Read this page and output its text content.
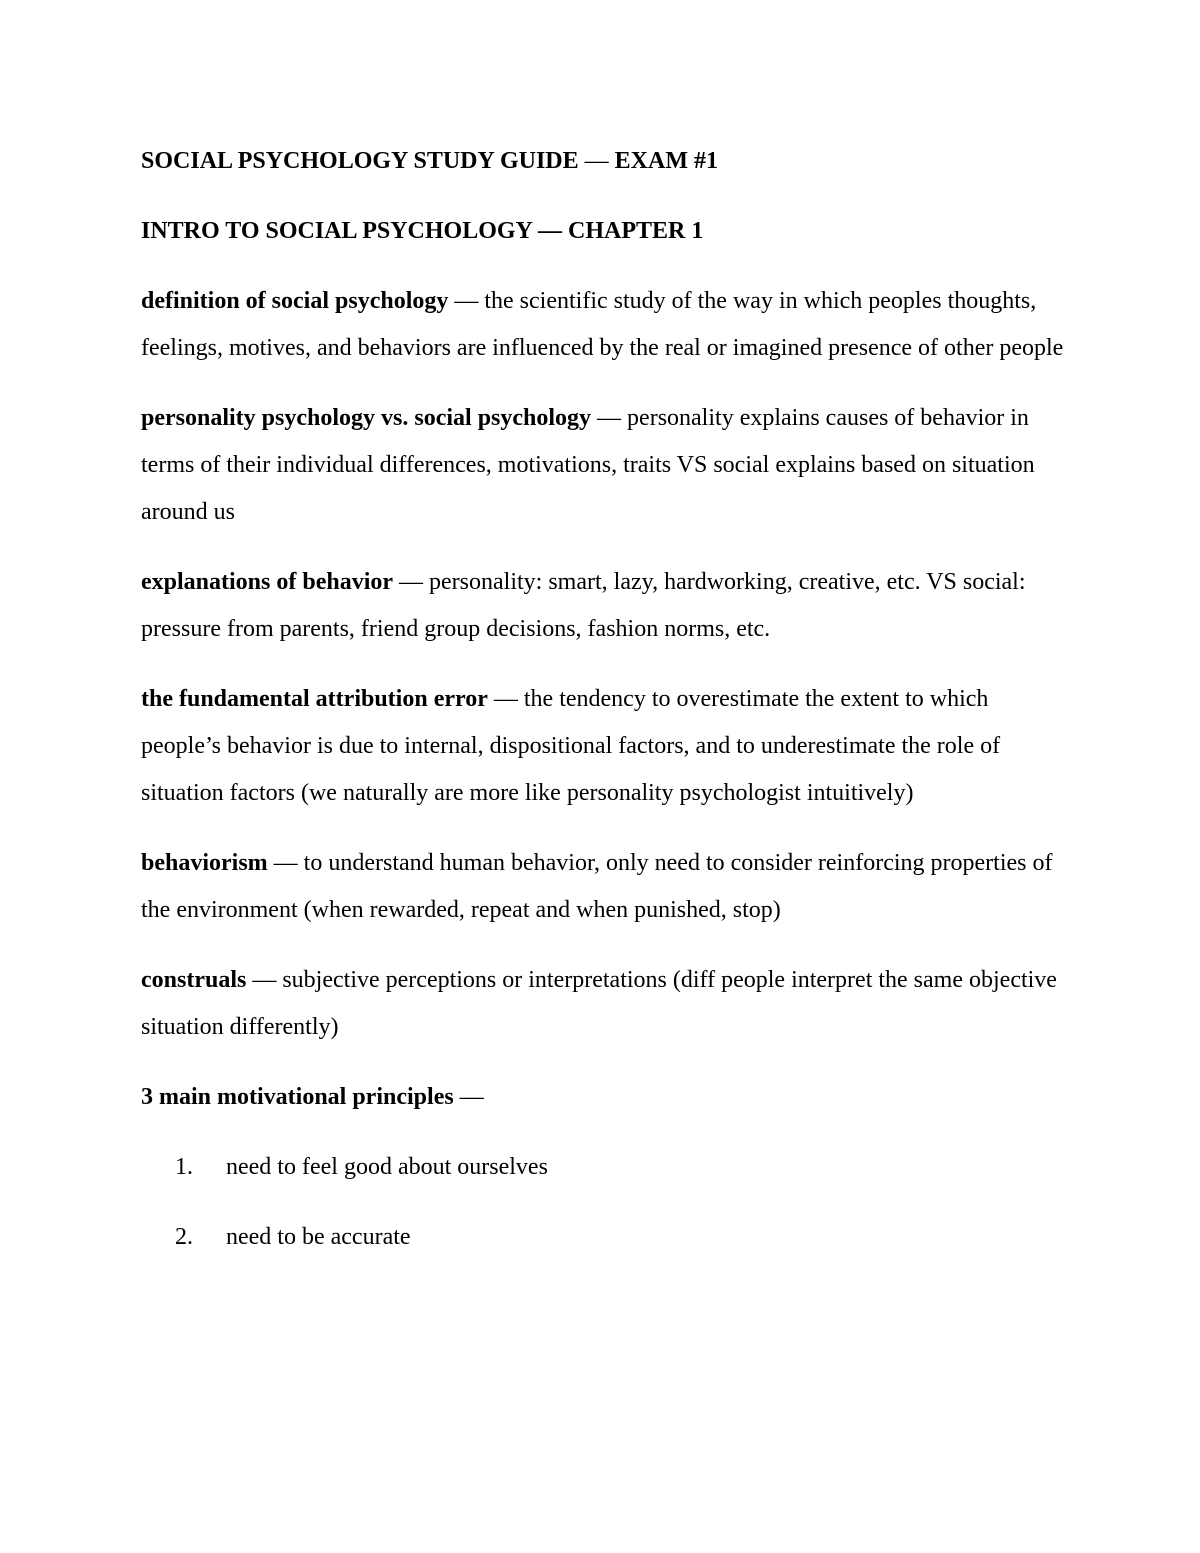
SOCIAL PSYCHOLOGY STUDY GUIDE — EXAM #1
INTRO TO SOCIAL PSYCHOLOGY — CHAPTER 1
definition of social psychology — the scientific study of the way in which peoples thoughts, feelings, motives, and behaviors are influenced by the real or imagined presence of other people
personality psychology vs. social psychology — personality explains causes of behavior in terms of their individual differences, motivations, traits VS social explains based on situation around us
explanations of behavior — personality: smart, lazy, hardworking, creative, etc. VS social: pressure from parents, friend group decisions, fashion norms, etc.
the fundamental attribution error — the tendency to overestimate the extent to which people’s behavior is due to internal, dispositional factors, and to underestimate the role of situation factors (we naturally are more like personality psychologist intuitively)
behaviorism — to understand human behavior, only need to consider reinforcing properties of the environment (when rewarded, repeat and when punished, stop)
construals — subjective perceptions or interpretations (diff people interpret the same objective situation differently)
3 main motivational principles —
1.	need to feel good about ourselves
2.	need to be accurate
